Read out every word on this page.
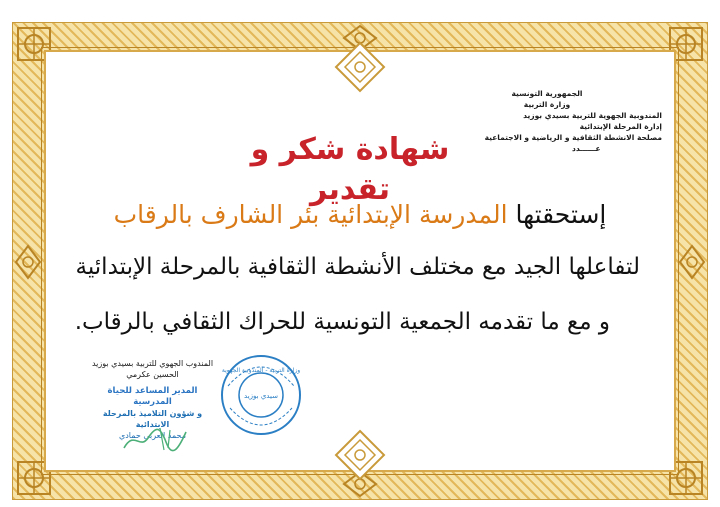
الجمهورية التونسية
وزارة التربية
المندوبية الجهوية للتربية بسيدي بوزيد
إدارة المرحلة الإبتدائية
مصلحة الانشطة الثقافية و الرياضية و الاجتماعية
عــــــدد
شهادة شكر و تقدير
إستحقتها المدرسة الإبتدائية بئر الشارف بالرقاب
لتفاعلها الجيد مع مختلف الأنشطة الثقافية بالمرحلة الإبتدائية
و مع ما تقدمه الجمعية التونسية للحراك الثقافي بالرقاب.
المندوب الجهوي للتربية بسيدي بوزيد
الحسين عكرمي
المدير المساعد للحياة المدرسية
و شؤون التلاميذ بالمرحلة الابتدائية
محمد العربي حمادي
وزارة التربية - المندوبية الجهوية
سيدي بوزيد
